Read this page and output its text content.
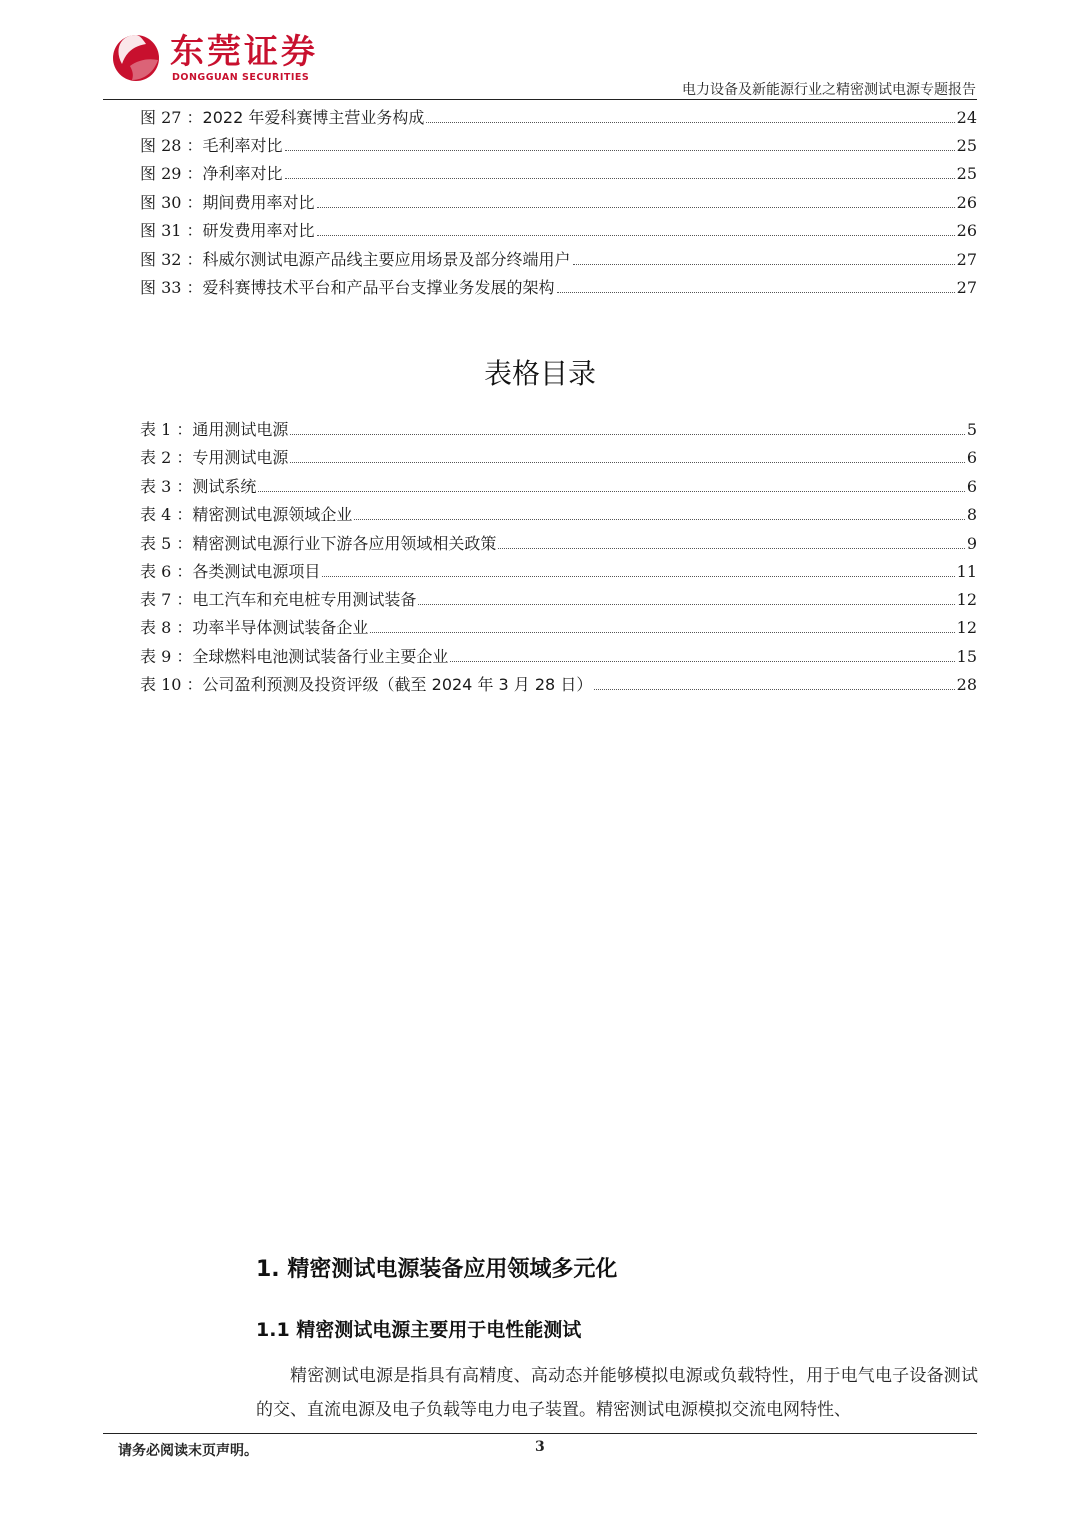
东莞证券
DONGGUAN SECURITIES
电力设备及新能源行业之精密测试电源专题报告
图 27 ： 2022 年爱科赛博主营业务构成	24
图 28 ： 毛利率对比	25
图 29 ： 净利率对比	25
图 30 ： 期间费用率对比	26
图 31 ： 研发费用率对比	26
图 32 ： 科威尔测试电源产品线主要应用场景及部分终端用户	27
图 33 ： 爱科赛博技术平台和产品平台支撑业务发展的架构	27
表格目录
表 1 ： 通用测试电源	5
表 2 ： 专用测试电源	6
表 3 ： 测试系统	6
表 4 ： 精密测试电源领域企业	8
表 5 ： 精密测试电源行业下游各应用领域相关政策	9
表 6 ： 各类测试电源项目	11
表 7 ： 电工汽车和充电桩专用测试装备	12
表 8 ： 功率半导体测试装备企业	12
表 9 ： 全球燃料电池测试装备行业主要企业	15
表 10 ： 公司盈利预测及投资评级（截至 2024 年 3 月 28 日）	28
1. 精密测试电源装备应用领域多元化
1.1 精密测试电源主要用于电性能测试
精密测试电源是指具有高精度、高动态并能够模拟电源或负载特性，用于电气电子设备测试的交、直流电源及电子负载等电力电子装置。精密测试电源模拟交流电网特性、
请务必阅读末页声明。	3
